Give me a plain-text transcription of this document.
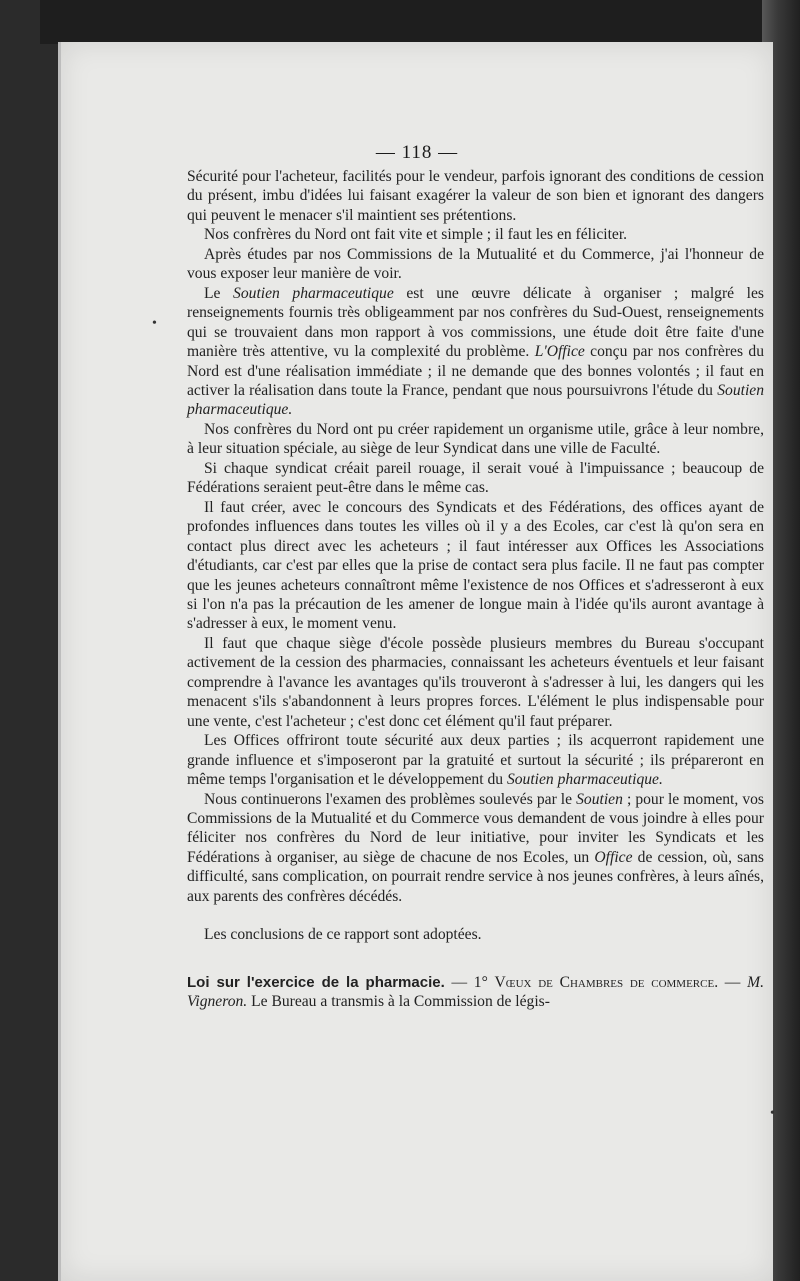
— 118 —

Sécurité pour l'acheteur, facilités pour le vendeur, parfois ignorant des conditions de cession du présent, imbu d'idées lui faisant exagérer la valeur de son bien et ignorant des dangers qui peuvent le menacer s'il maintient ses prétentions.

Nos confrères du Nord ont fait vite et simple ; il faut les en féliciter.

Après études par nos Commissions de la Mutualité et du Commerce, j'ai l'honneur de vous exposer leur manière de voir.

Le Soutien pharmaceutique est une œuvre délicate à organiser ; malgré les renseignements fournis très obligeamment par nos confrères du Sud-Ouest, renseignements qui se trouvaient dans mon rapport à vos commissions, une étude doit être faite d'une manière très attentive, vu la complexité du problème. L'Office conçu par nos confrères du Nord est d'une réalisation immédiate ; il ne demande que des bonnes volontés ; il faut en activer la réalisation dans toute la France, pendant que nous poursuivrons l'étude du Soutien pharmaceutique.

Nos confrères du Nord ont pu créer rapidement un organisme utile, grâce à leur nombre, à leur situation spéciale, au siège de leur Syndicat dans une ville de Faculté.

Si chaque syndicat créait pareil rouage, il serait voué à l'impuissance ; beaucoup de Fédérations seraient peut-être dans le même cas.

Il faut créer, avec le concours des Syndicats et des Fédérations, des offices ayant de profondes influences dans toutes les villes où il y a des Ecoles, car c'est là qu'on sera en contact plus direct avec les acheteurs ; il faut intéresser aux Offices les Associations d'étudiants, car c'est par elles que la prise de contact sera plus facile. Il ne faut pas compter que les jeunes acheteurs connaîtront même l'existence de nos Offices et s'adresseront à eux si l'on n'a pas la précaution de les amener de longue main à l'idée qu'ils auront avantage à s'adresser à eux, le moment venu.

Il faut que chaque siège d'école possède plusieurs membres du Bureau s'occupant activement de la cession des pharmacies, connaissant les acheteurs éventuels et leur faisant comprendre à l'avance les avantages qu'ils trouveront à s'adresser à lui, les dangers qui les menacent s'ils s'abandonnent à leurs propres forces. L'élément le plus indispensable pour une vente, c'est l'acheteur ; c'est donc cet élément qu'il faut préparer.

Les Offices offriront toute sécurité aux deux parties ; ils acquerront rapidement une grande influence et s'imposeront par la gratuité et surtout la sécurité ; ils prépareront en même temps l'organisation et le développement du Soutien pharmaceutique.

Nous continuerons l'examen des problèmes soulevés par le Soutien ; pour le moment, vos Commissions de la Mutualité et du Commerce vous demandent de vous joindre à elles pour féliciter nos confrères du Nord de leur initiative, pour inviter les Syndicats et les Fédérations à organiser, au siège de chacune de nos Ecoles, un Office de cession, où, sans difficulté, sans complication, on pourrait rendre service à nos jeunes confrères, à leurs aînés, aux parents des confrères décédés.

Les conclusions de ce rapport sont adoptées.

Loi sur l'exercice de la pharmacie. — 1° Vœux de Chambres de commerce. — M. Vigneron. Le Bureau a transmis à la Commission de légis-

•
•
